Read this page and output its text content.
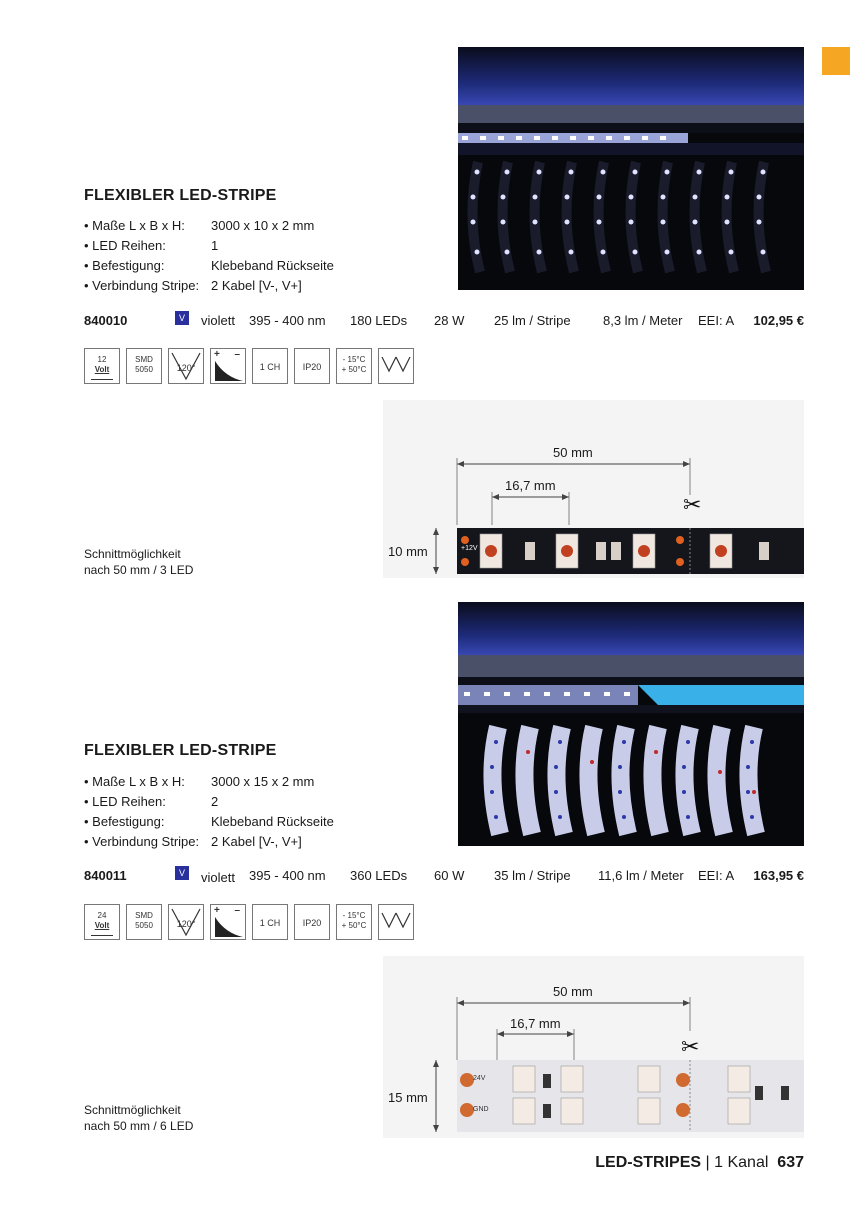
FLEXIBLER LED-STRIPE
• Maße L x B x H: 3000 x 10 x 2 mm
• LED Reihen:	1
• Befestigung:	Klebeband Rückseite
• Verbindung Stripe: 2 Kabel [V-, V+]
840010	V	violett 395 - 400 nm 180 LEDs 28 W 25 lm / Stripe 8,3 lm / Meter EEI: A 102,95 €
12
Volt
SMD
5050	120°
+ –
1 CH	IP20
- 15°C
+ 50°C
✂
50 mm
16,7 mm
10 mm	+12V
Schnittmöglichkeit
nach 50 mm / 3 LED
FLEXIBLER LED-STRIPE
• Maße L x B x H: 3000 x 15 x 2 mm
• LED Reihen:	2
• Befestigung:	Klebeband Rückseite
• Verbindung Stripe: 2 Kabel [V-, V+]
840011	V	violett 395 - 400 nm 360 LEDs 60 W 35 lm / Stripe 11,6 lm / Meter EEI: A 163,95 €
24
Volt
SMD
5050	120°
+ –
1 CH	IP20
- 15°C
+ 50°C
✂
50 mm
16,7 mm
15 mm
24V
GND
Schnittmöglichkeit
nach 50 mm / 6 LED
LED-STRIPES | 1 Kanal 637
